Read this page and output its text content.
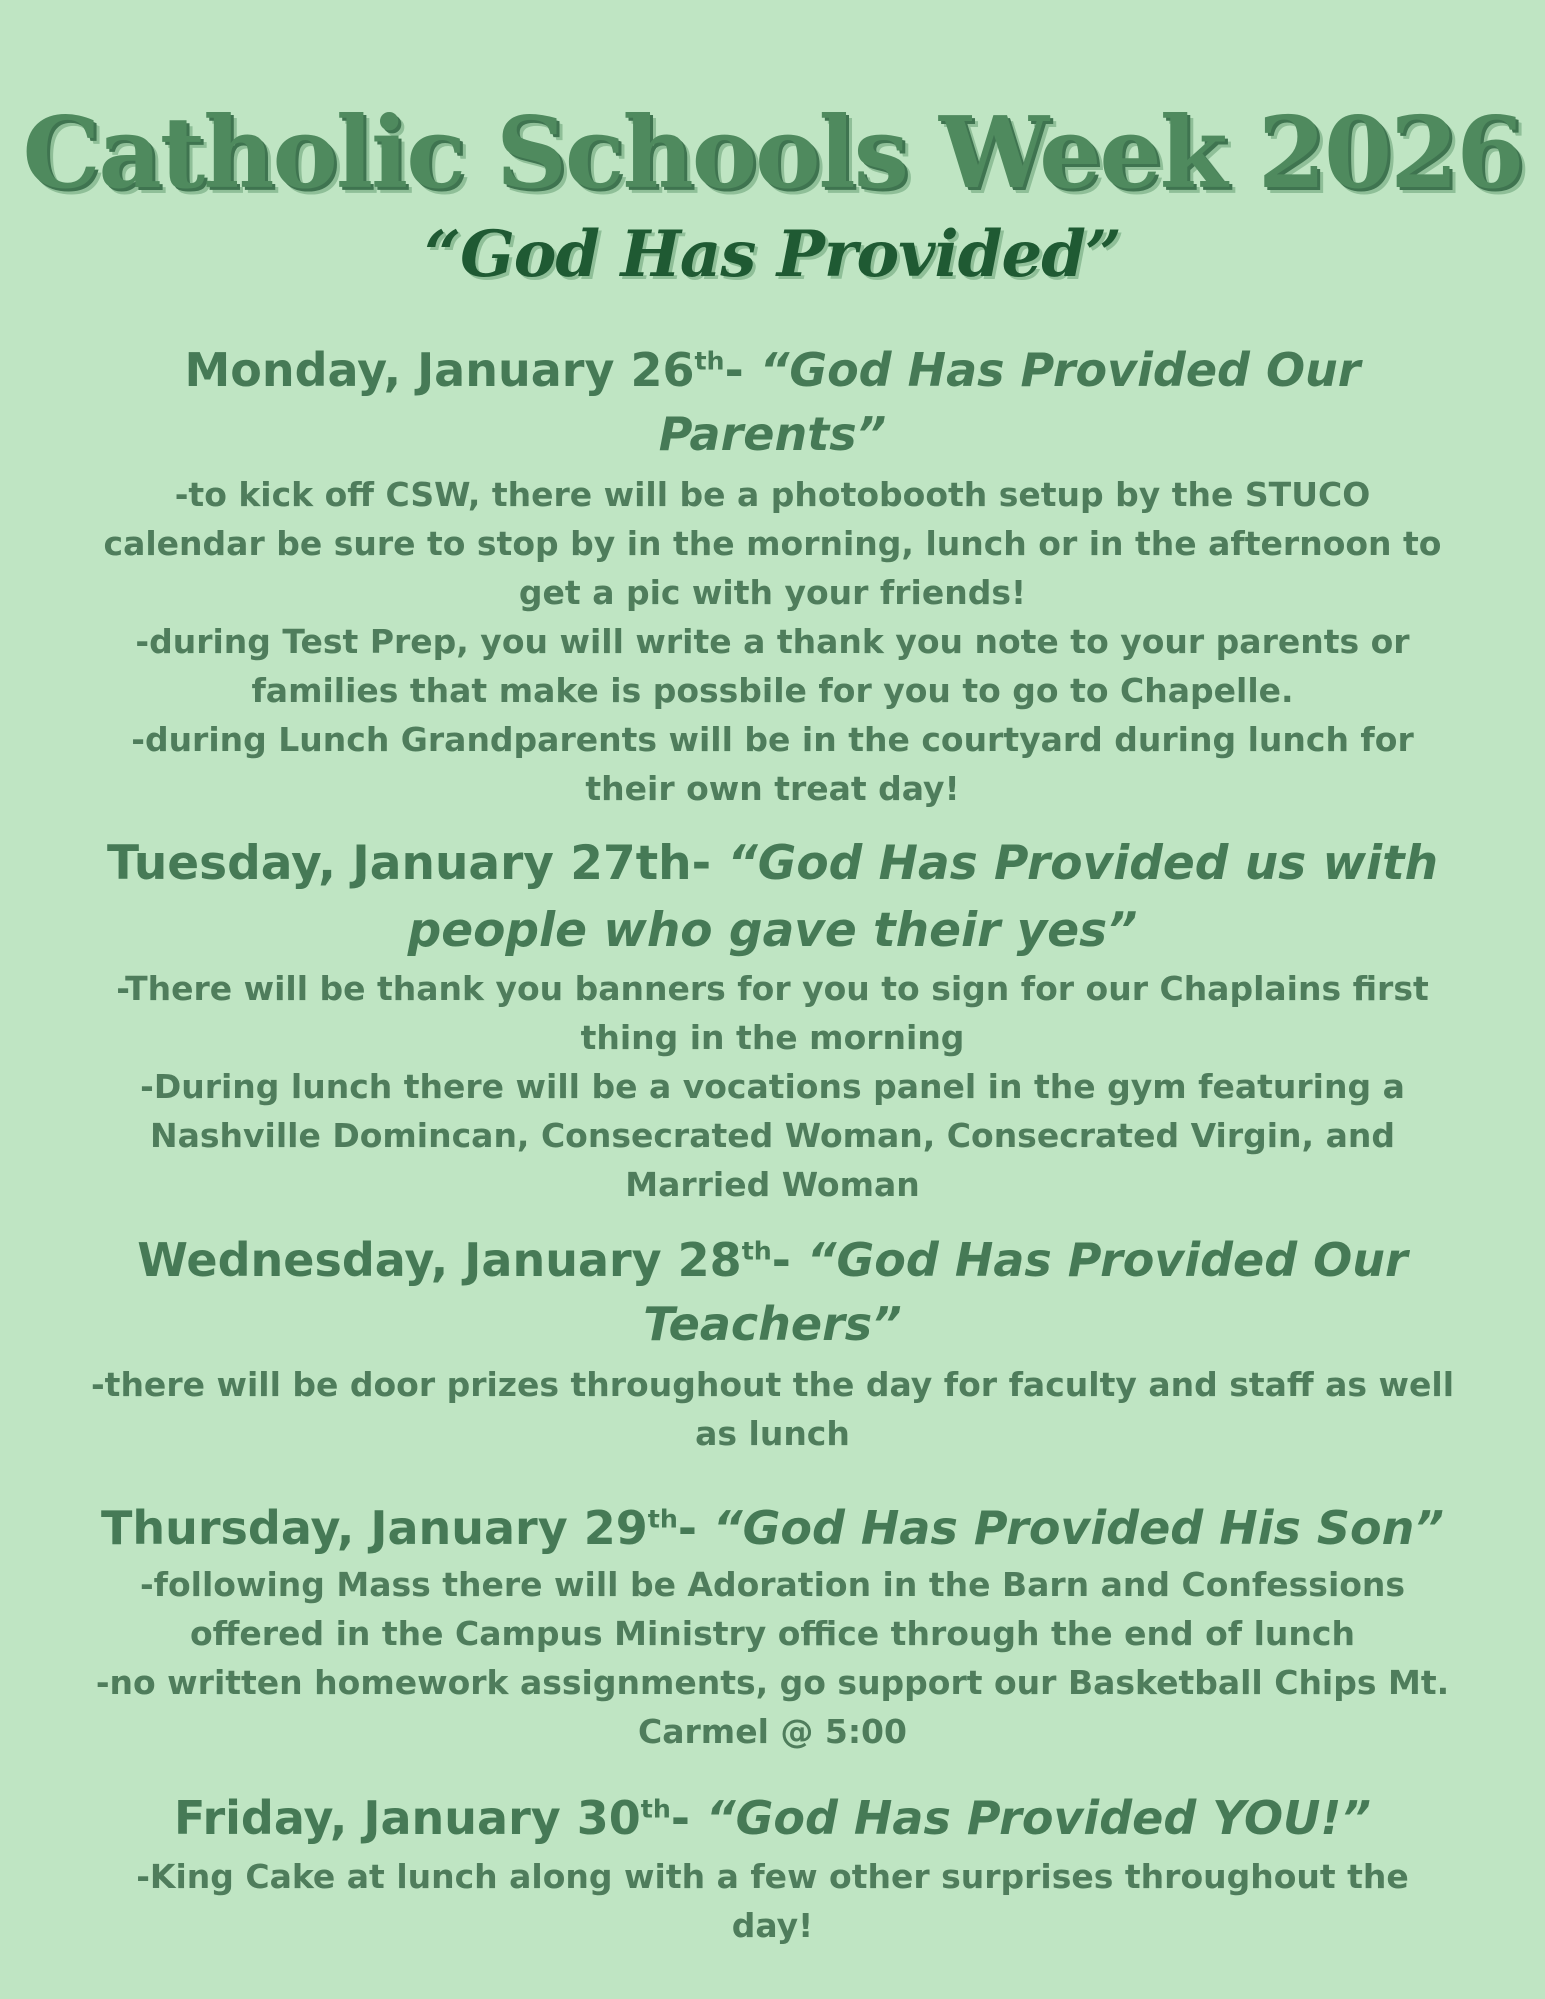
Catholic Schools Week 2026
“God Has Provided”
Monday, January 26th- “God Has Provided Our Parents”
-to kick off CSW, there will be a photobooth setup by the STUCO calendar be sure to stop by in the morning, lunch or in the afternoon to get a pic with your friends!
-during Test Prep, you will write a thank you note to your parents or families that make is possbile for you to go to Chapelle.
-during Lunch Grandparents will be in the courtyard during lunch for their own treat day!
Tuesday, January 27th- “God Has Provided us with people who gave their yes”
-There will be thank you banners for you to sign for our Chaplains first thing in the morning
-During lunch there will be a vocations panel in the gym featuring a Nashville Domincan, Consecrated Woman, Consecrated Virgin, and Married Woman
Wednesday, January 28th- “God Has Provided Our Teachers”
-there will be door prizes throughout the day for faculty and staff as well as lunch
Thursday, January 29th- “God Has Provided His Son”
-following Mass there will be Adoration in the Barn and Confessions offered in the Campus Ministry office through the end of lunch
-no written homework assignments, go support our Basketball Chips Mt. Carmel @ 5:00
Friday, January 30th- “God Has Provided YOU!”
-King Cake at lunch along with a few other surprises throughout the day!
